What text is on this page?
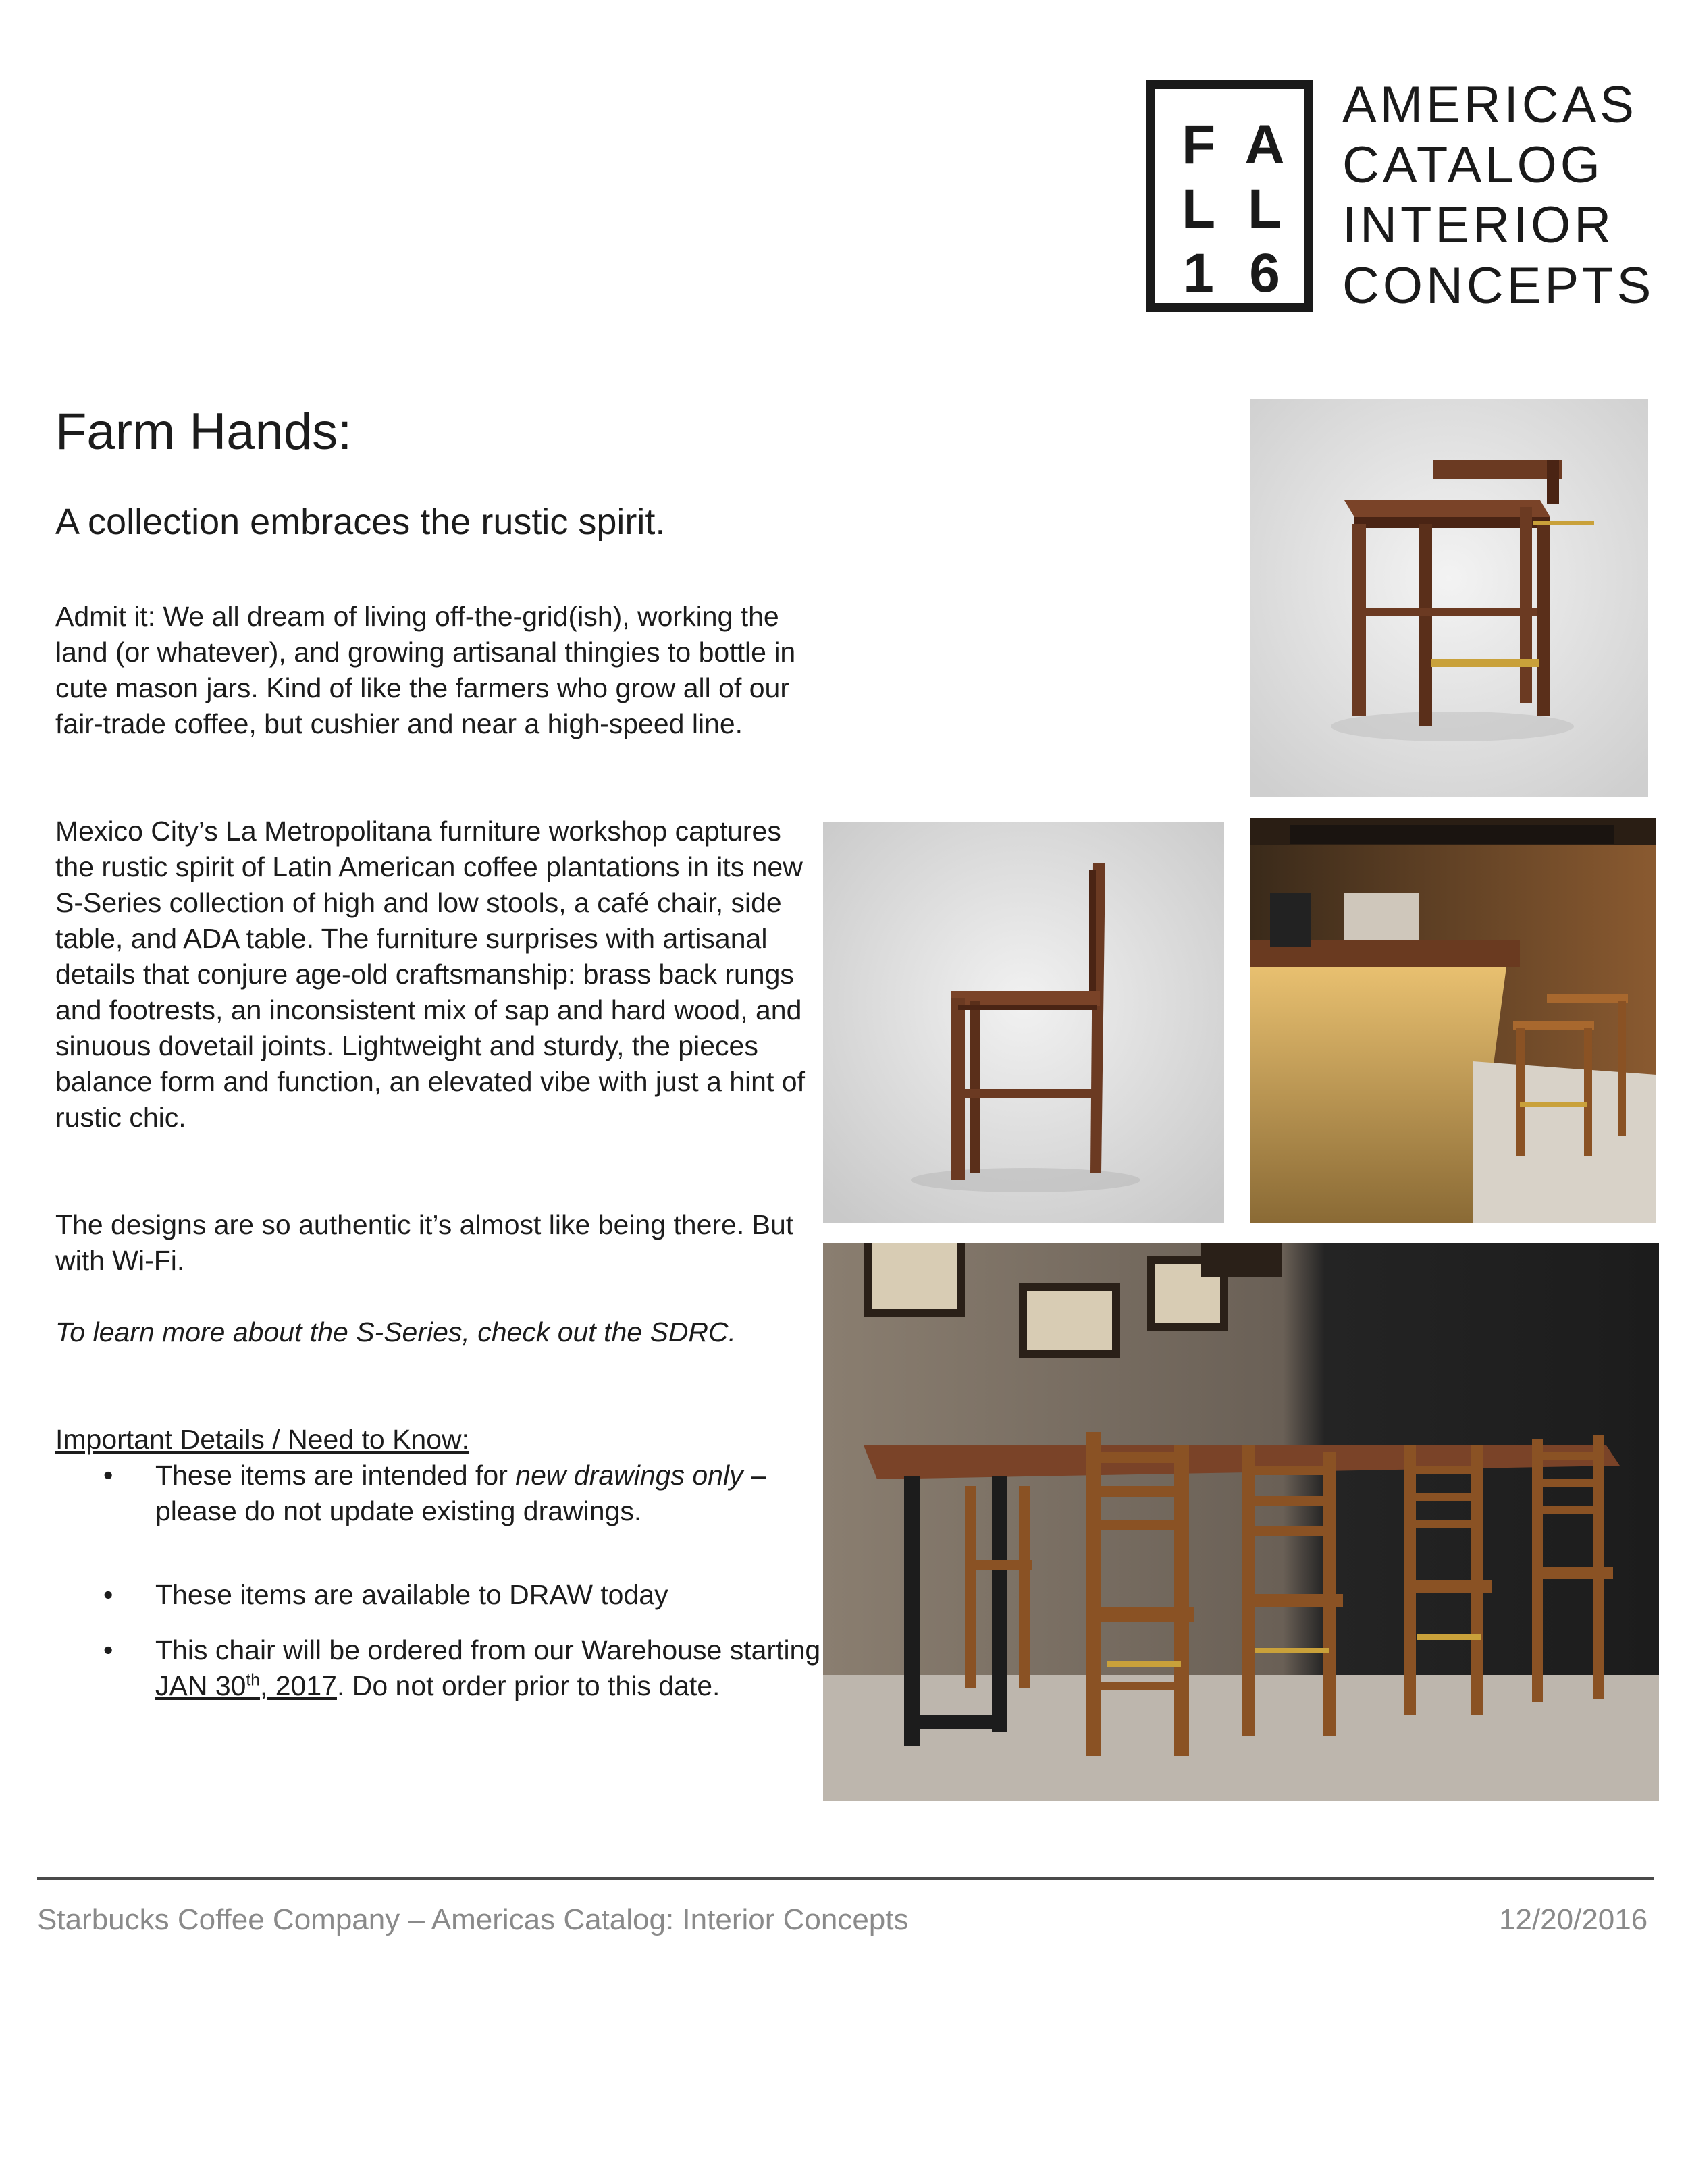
F A
L L
1 6
AMERICAS
CATALOG
INTERIOR
CONCEPTS
Farm Hands:
A collection embraces the rustic spirit.

Admit it: We all dream of living off-the-grid(ish), working the land (or whatever), and growing artisanal thingies to bottle in cute mason jars. Kind of like the farmers who grow all of our fair-trade coffee, but cushier and near a high-speed line.

Mexico City’s La Metropolitana furniture workshop captures the rustic spirit of Latin American coffee plantations in its new S-Series collection of high and low stools, a café chair, side table, and ADA table. The furniture surprises with artisanal details that conjure age-old craftsmanship: brass back rungs and footrests, an inconsistent mix of sap and hard wood, and sinuous dovetail joints. Lightweight and sturdy, the pieces balance form and function, an elevated vibe with just a hint of rustic chic.

The designs are so authentic it’s almost like being there. But with Wi-Fi.

To learn more about the S-Series, check out the SDRC.

Important Details / Need to Know:
• These items are intended for new drawings only – please do not update existing drawings.
• These items are available to DRAW today
• This chair will be ordered from our Warehouse starting JAN 30th, 2017. Do not order prior to this date.
Starbucks Coffee Company – Americas Catalog: Interior Concepts	12/20/2016
